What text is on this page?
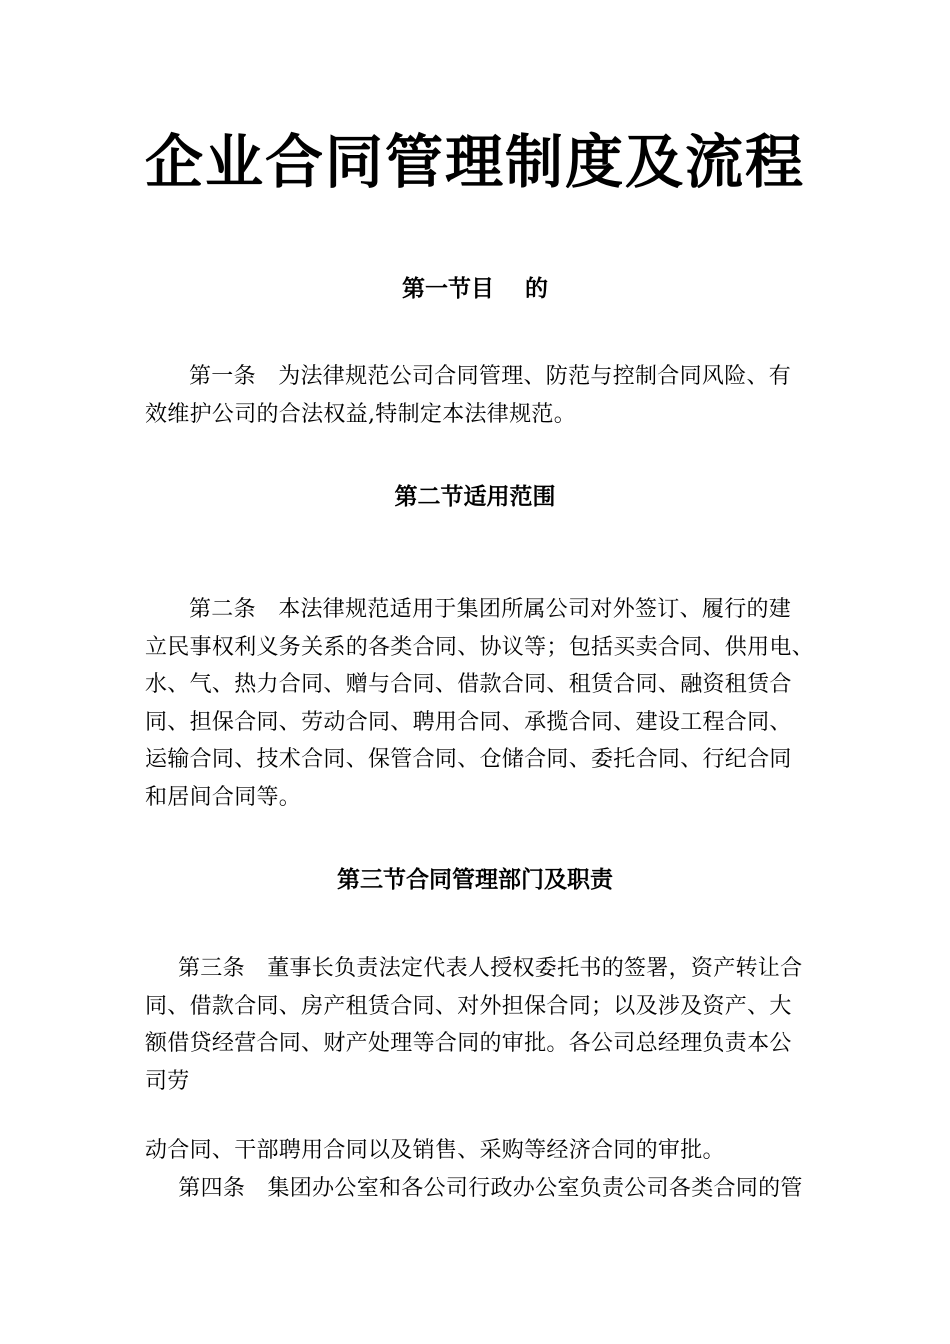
企业合同管理制度及流程
第一节目　 的
第一条　为法律规范公司合同管理、防范与控制合同风险、有
效维护公司的合法权益,特制定本法律规范。
第二节适用范围
第二条　本法律规范适用于集团所属公司对外签订、履行的建
立民事权利义务关系的各类合同、协议等；包括买卖合同、供用电、
水、气、热力合同、赠与合同、借款合同、租赁合同、融资租赁合
同、担保合同、劳动合同、聘用合同、承揽合同、建设工程合同、
运输合同、技术合同、保管合同、仓储合同、委托合同、行纪合同
和居间合同等。
第三节合同管理部门及职责
第三条　董事长负责法定代表人授权委托书的签署，资产转让合
同、借款合同、房产租赁合同、对外担保合同；以及涉及资产、大
额借贷经营合同、财产处理等合同的审批。各公司总经理负责本公
司劳
动合同、干部聘用合同以及销售、采购等经济合同的审批。
　第四条　集团办公室和各公司行政办公室负责公司各类合同的管
